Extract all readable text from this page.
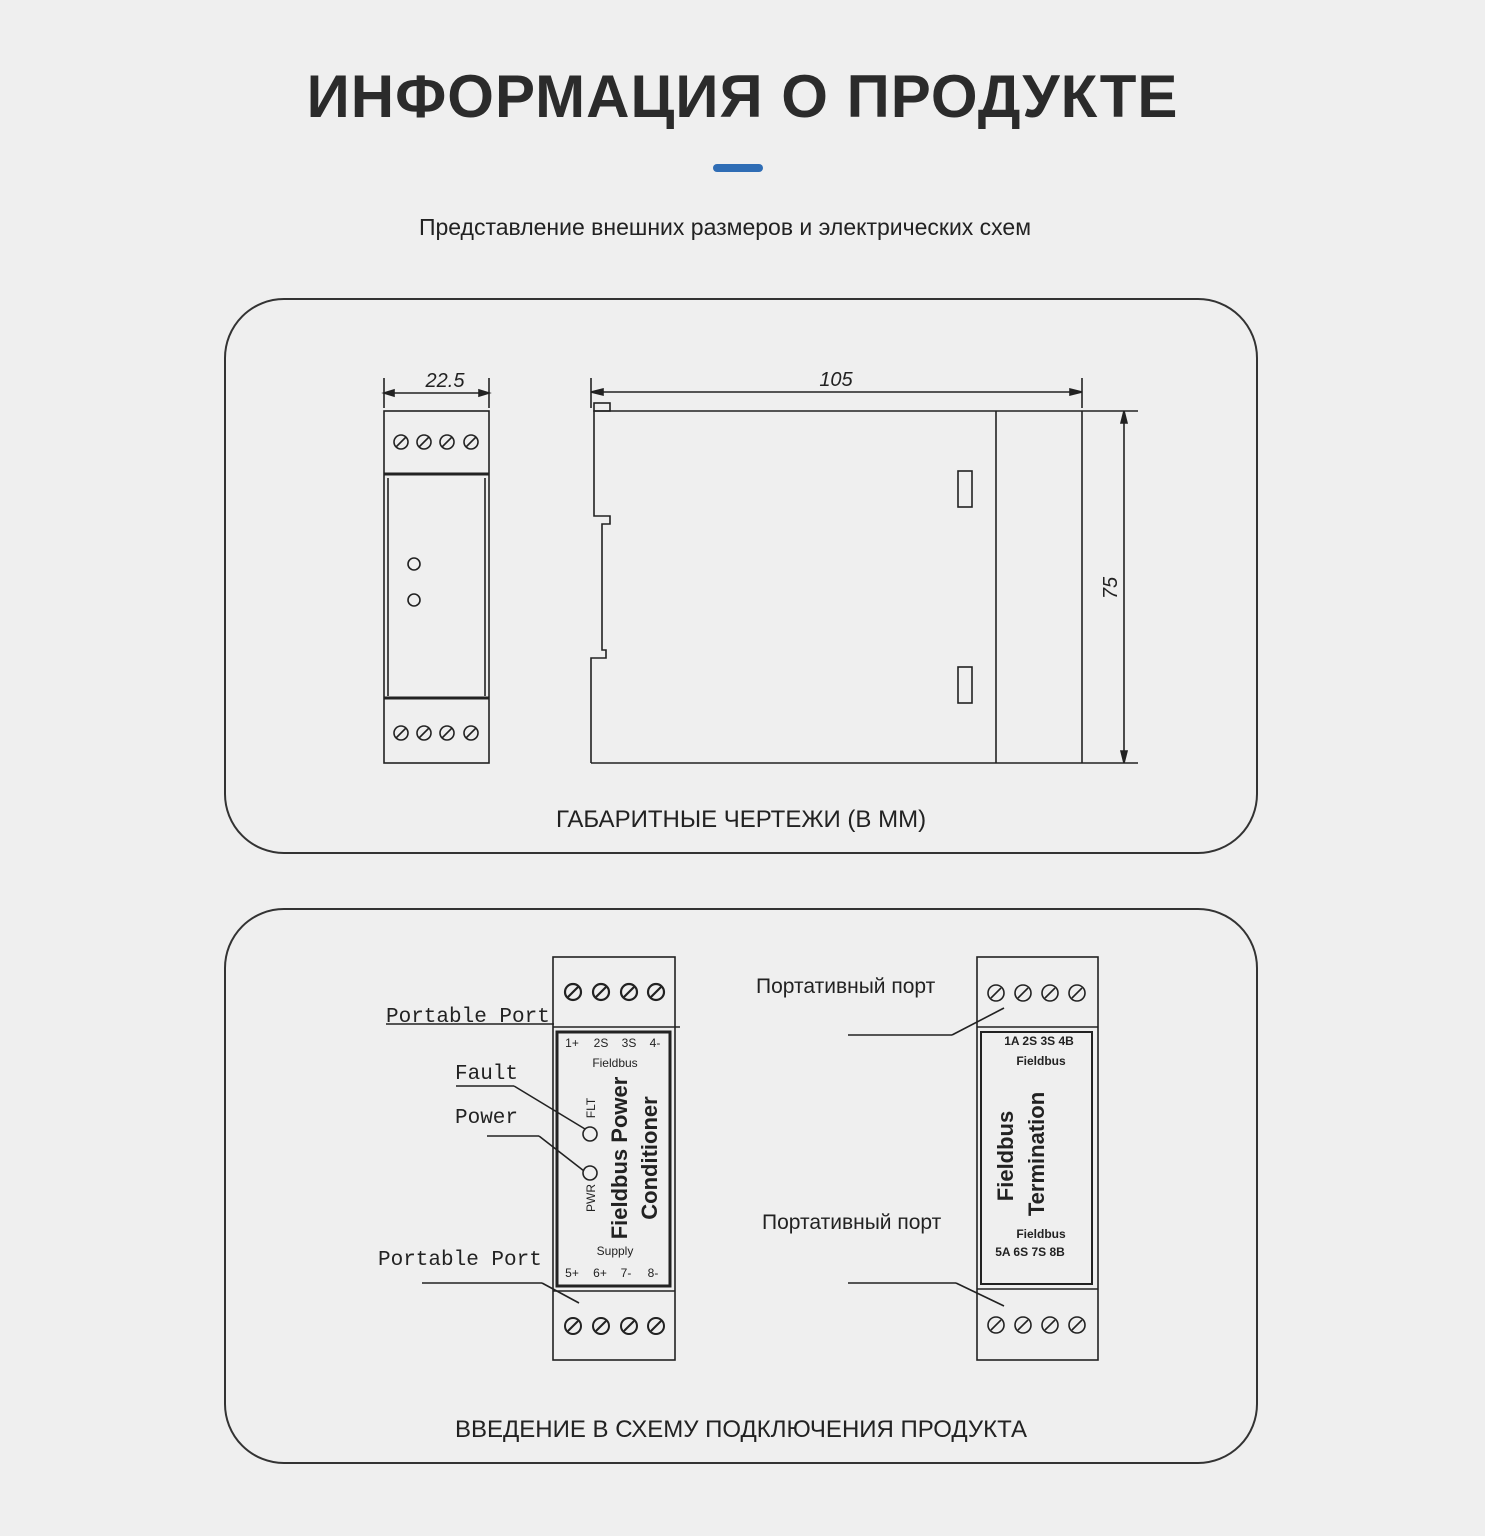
ИНФОРМАЦИЯ О ПРОДУКТЕ
Представление внешних размеров и электрических схем
22.5	105
75
ГАБАРИТНЫЕ ЧЕРТЕЖИ (В ММ)
Portable Port
Fault
Power
Portable Port
1+ 2S 3S 4-
Fieldbus
FLT
PWR Fieldbus Power Conditioner
Supply
5+ 6+ 7- 8-
Портативный порт
Портативный порт
1A 2S 3S 4B
Fieldbus
Fieldbus Termination
Fieldbus
5A 6S 7S 8B
ВВЕДЕНИЕ В СХЕМУ ПОДКЛЮЧЕНИЯ ПРОДУКТА
